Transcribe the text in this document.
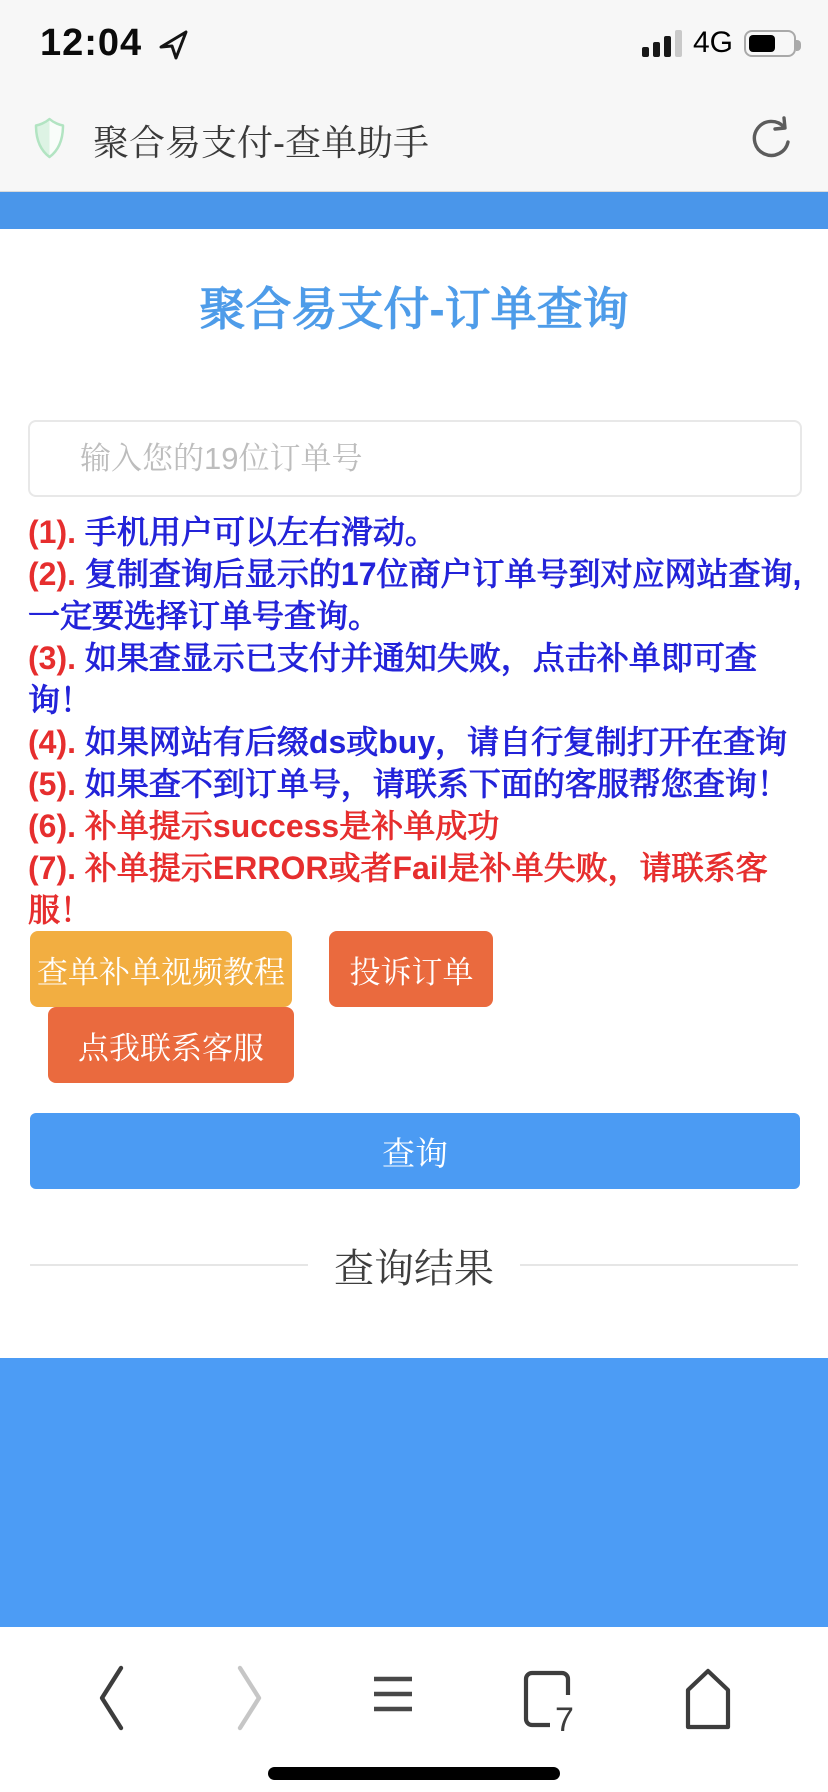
12:04	4G
聚合易支付-查单助手
聚合易支付-订单查询
输入您的19位订单号
(1). 手机用户可以左右滑动。
(2). 复制查询后显示的17位商户订单号到对应网站查询,一定要选择订单号查询。
(3). 如果查显示已支付并通知失败，点击补单即可查询！
(4). 如果网站有后缀ds或buy，请自行复制打开在查询
(5). 如果查不到订单号，请联系下面的客服帮您查询！
(6). 补单提示success是补单成功
(7). 补单提示ERROR或者Fail是补单失败，请联系客服！
查单补单视频教程 投诉订单
点我联系客服
查询
查询结果
7
